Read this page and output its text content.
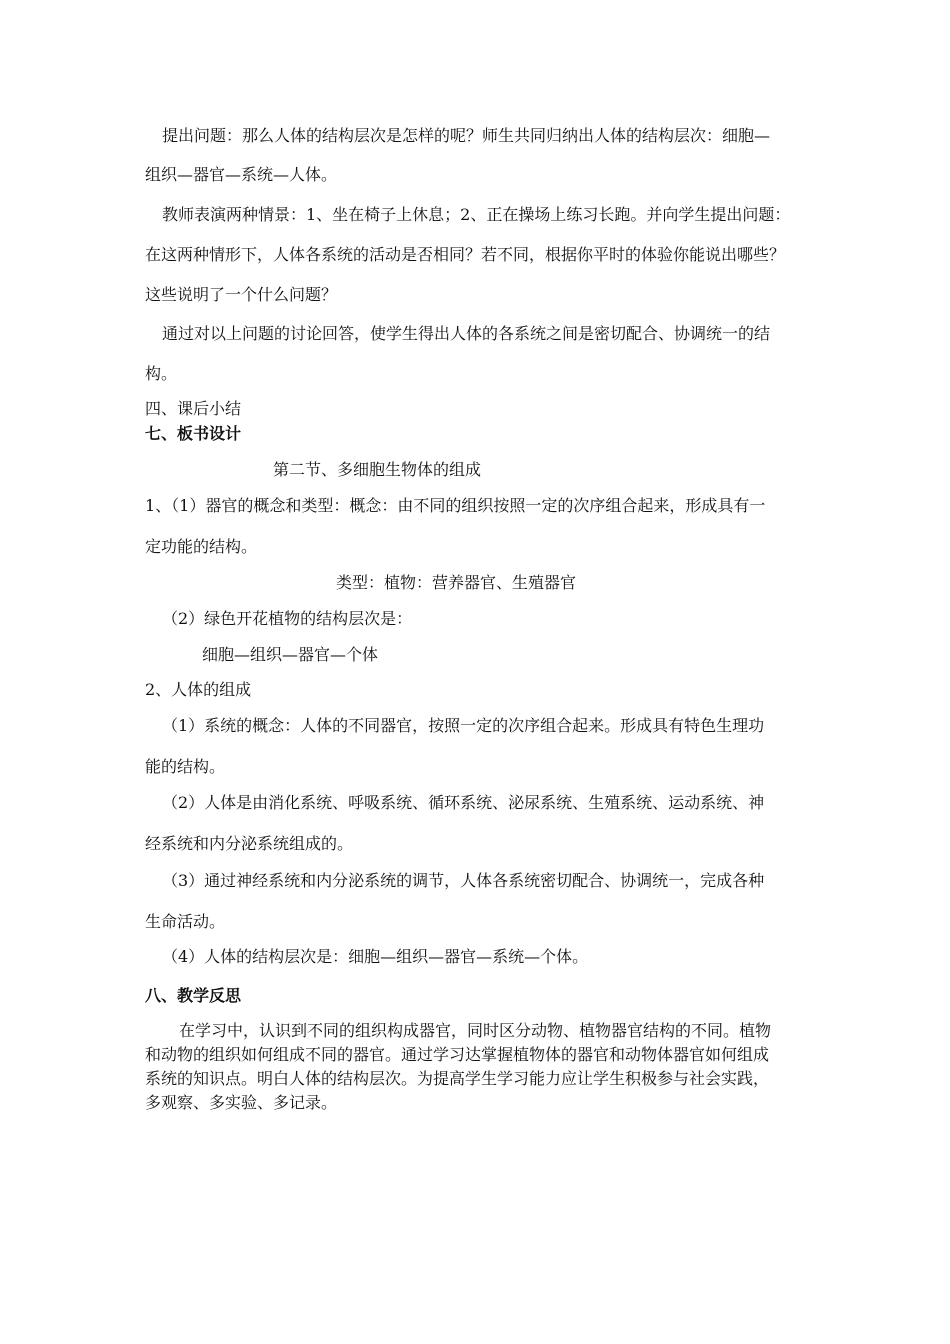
提出问题：那么人体的结构层次是怎样的呢？师生共同归纳出人体的结构层次：细胞—
组织—器官—系统—人体。
教师表演两种情景：1、坐在椅子上休息；2、正在操场上练习长跑。并向学生提出问题：
在这两种情形下，人体各系统的活动是否相同？若不同，根据你平时的体验你能说出哪些？
这些说明了一个什么问题？
通过对以上问题的讨论回答，使学生得出人体的各系统之间是密切配合、协调统一的结
构。
四、课后小结
七、板书设计
第二节、多细胞生物体的组成
1、（1）器官的概念和类型：概念：由不同的组织按照一定的次序组合起来，形成具有一
定功能的结构。
类型：植物：营养器官、生殖器官
（2）绿色开花植物的结构层次是：
细胞—组织—器官—个体
2、人体的组成
（1）系统的概念：人体的不同器官，按照一定的次序组合起来。形成具有特色生理功
能的结构。
（2）人体是由消化系统、呼吸系统、循环系统、泌尿系统、生殖系统、运动系统、神
经系统和内分泌系统组成的。
（3）通过神经系统和内分泌系统的调节，人体各系统密切配合、协调统一，完成各种
生命活动。
（4）人体的结构层次是：细胞—组织—器官—系统—个体。
八、教学反思
在学习中，认识到不同的组织构成器官，同时区分动物、植物器官结构的不同。植物
和动物的组织如何组成不同的器官。通过学习达掌握植物体的器官和动物体器官如何组成
系统的知识点。明白人体的结构层次。为提高学生学习能力应让学生积极参与社会实践，
多观察、多实验、多记录。
